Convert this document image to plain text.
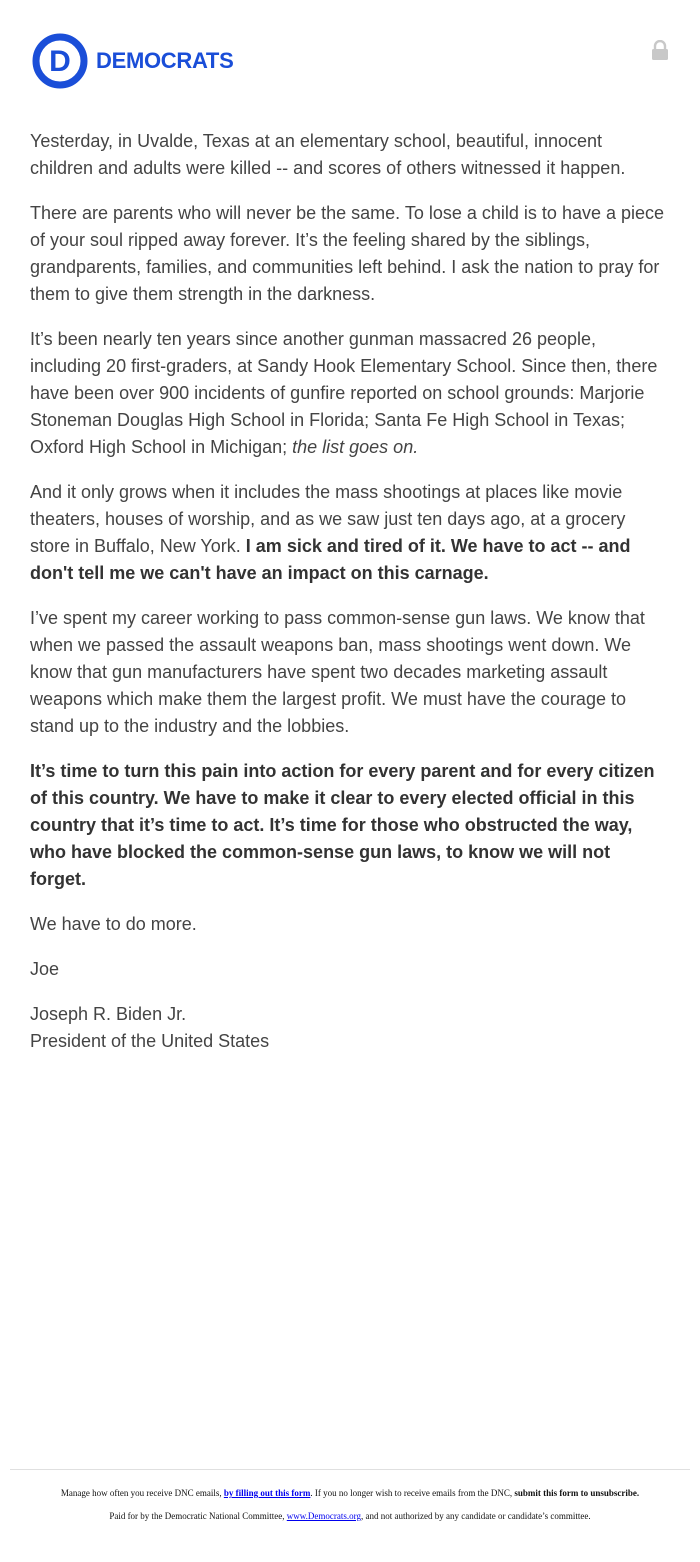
D DEMOCRATS

Yesterday, in Uvalde, Texas at an elementary school, beautiful, innocent children and adults were killed -- and scores of others witnessed it happen.

There are parents who will never be the same. To lose a child is to have a piece of your soul ripped away forever. It’s the feeling shared by the siblings, grandparents, families, and communities left behind. I ask the nation to pray for them to give them strength in the darkness.

It’s been nearly ten years since another gunman massacred 26 people, including 20 first-graders, at Sandy Hook Elementary School. Since then, there have been over 900 incidents of gunfire reported on school grounds: Marjorie Stoneman Douglas High School in Florida; Santa Fe High School in Texas; Oxford High School in Michigan; the list goes on.

And it only grows when it includes the mass shootings at places like movie theaters, houses of worship, and as we saw just ten days ago, at a grocery store in Buffalo, New York. I am sick and tired of it. We have to act -- and don't tell me we can't have an impact on this carnage.

I’ve spent my career working to pass common-sense gun laws. We know that when we passed the assault weapons ban, mass shootings went down. We know that gun manufacturers have spent two decades marketing assault weapons which make them the largest profit. We must have the courage to stand up to the industry and the lobbies.

It’s time to turn this pain into action for every parent and for every citizen of this country. We have to make it clear to every elected official in this country that it’s time to act. It’s time for those who obstructed the way, who have blocked the common-sense gun laws, to know we will not forget.

We have to do more.

Joe

Joseph R. Biden Jr.
President of the United States

Manage how often you receive DNC emails, by filling out this form. If you no longer wish to receive emails from the DNC, submit this form to unsubscribe.

Paid for by the Democratic National Committee, www.Democrats.org, and not authorized by any candidate or candidate’s committee.
